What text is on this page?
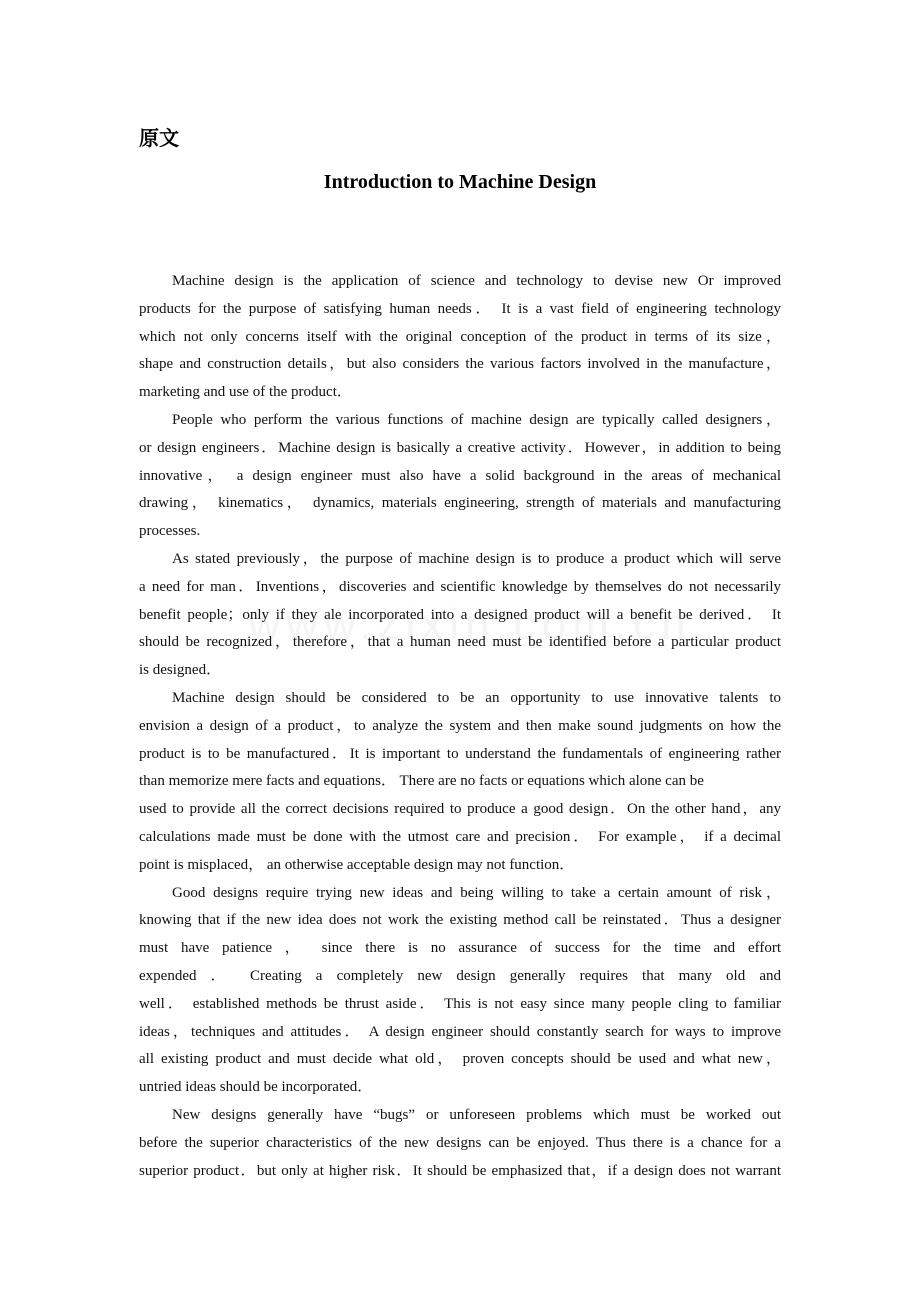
原文
Introduction to Machine Design
Machine design is the application of science and technology to devise new Or improved
products for the purpose of satisfying human needs． It is a vast field of engineering technology
which not only concerns itself with the original conception of the product in terms of its size，
shape and construction details，but also considers the various factors involved in the manufacture，
marketing and use of the product．
People who perform the various functions of machine design are typically called designers，
or design engineers．Machine design is basically a creative activity．However，in addition to being
innovative， a design engineer must also have a solid background in the areas of mechanical
drawing， kinematics， dynamics, materials engineering, strength of materials and manufacturing
processes.
As stated previously，the purpose of machine design is to produce a product which will serve
a need for man．Inventions，discoveries and scientific knowledge by themselves do not necessarily
benefit people；only if they ale incorporated into a designed product will a benefit be derived． It
should be recognized，therefore，that a human need must be identified before a particular product
is designed．
Machine design should be considered to be an opportunity to use innovative talents to
envision a design of a product，to analyze the system and then make sound judgments on how the
product is to be manufactured．It is important to understand the fundamentals of engineering rather
than memorize mere facts and equations． There are no facts or equations which alone can be
used to provide all the correct decisions required to produce a good design．On the other hand，any
calculations made must be done with the utmost care and precision． For example， if a decimal
point is misplaced， an otherwise acceptable design may not function．
Good designs require trying new ideas and being willing to take a certain amount of risk，
knowing that if the new idea does not work the existing method call be reinstated．Thus a designer
must have patience ， since there is no assurance of success for the time and effort
expended ． Creating a completely new design generally requires that many old and
well． established methods be thrust aside． This is not easy since many people cling to familiar
ideas，techniques and attitudes． A design engineer should constantly search for ways to improve
all existing product and must decide what old， proven concepts should be used and what new，
untried ideas should be incorporated．
New designs generally have “bugs” or unforeseen problems which must be worked out
before the superior characteristics of the new designs can be enjoyed. Thus there is a chance for a
superior product．but only at higher risk．It should be emphasized that，if a design does not warrant
